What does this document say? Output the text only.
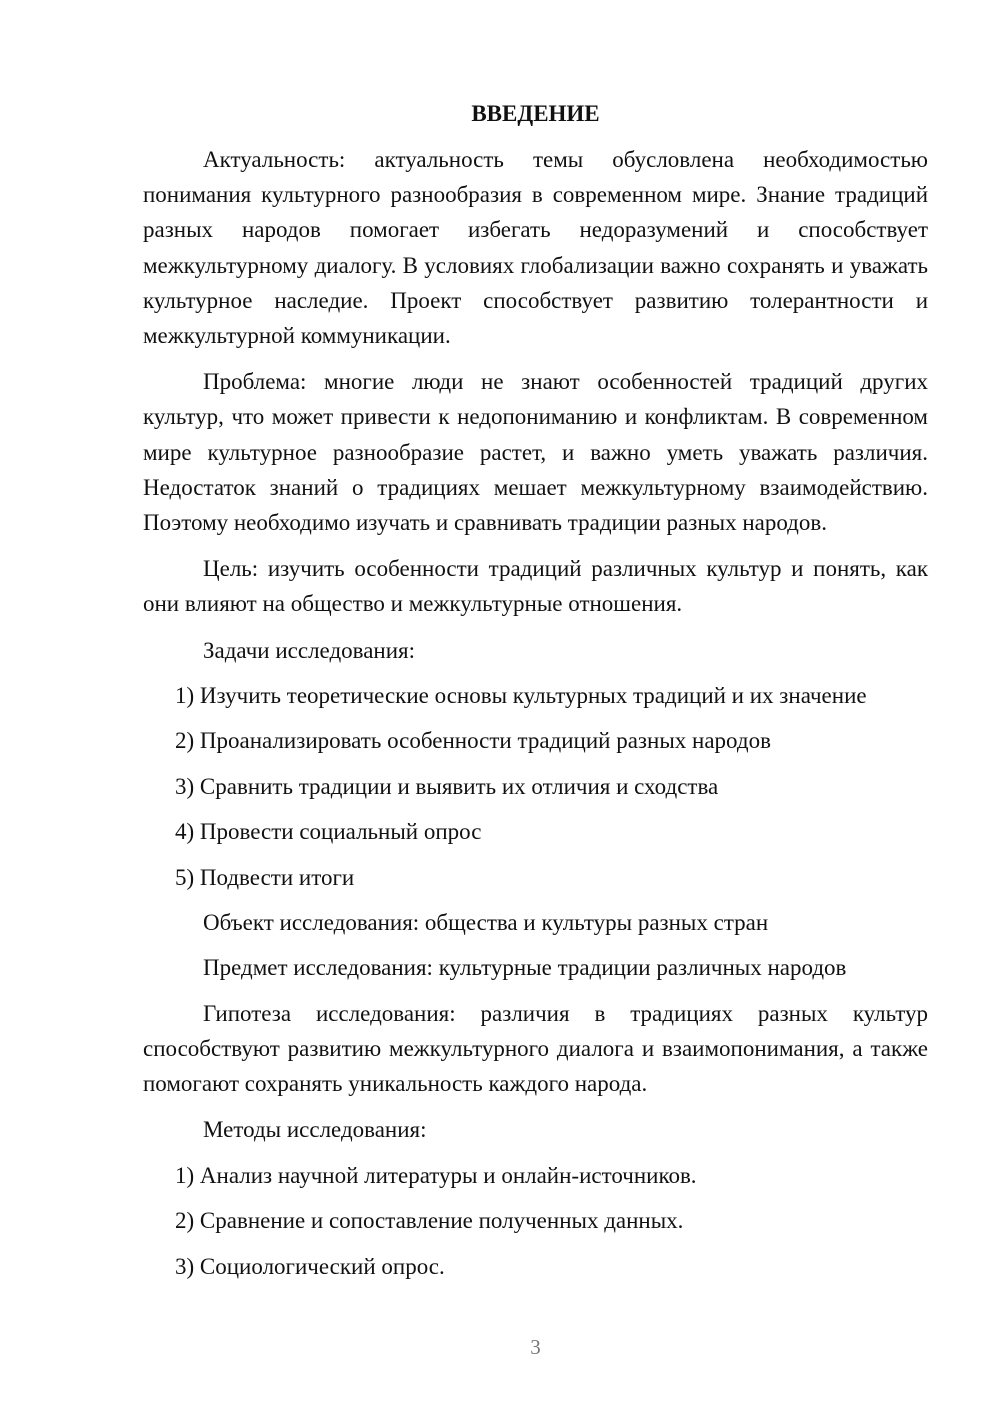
ВВЕДЕНИЕ

Актуальность: актуальность темы обусловлена необходимостью понимания культурного разнообразия в современном мире. Знание традиций разных народов помогает избегать недоразумений и способствует межкультурному диалогу. В условиях глобализации важно сохранять и уважать культурное наследие. Проект способствует развитию толерантности и межкультурной коммуникации.

Проблема: многие люди не знают особенностей традиций других культур, что может привести к недопониманию и конфликтам. В современном мире культурное разнообразие растет, и важно уметь уважать различия. Недостаток знаний о традициях мешает межкультурному взаимодействию. Поэтому необходимо изучать и сравнивать традиции разных народов.

Цель: изучить особенности традиций различных культур и понять, как они влияют на общество и межкультурные отношения.

Задачи исследования:
1) Изучить теоретические основы культурных традиций и их значение
2) Проанализировать особенности традиций разных народов
3) Сравнить традиции и выявить их отличия и сходства
4) Провести социальный опрос
5) Подвести итоги
Объект исследования: общества и культуры разных стран
Предмет исследования: культурные традиции различных народов

Гипотеза исследования: различия в традициях разных культур способствуют развитию межкультурного диалога и взаимопонимания, а также помогают сохранять уникальность каждого народа.

Методы исследования:
1) Анализ научной литературы и онлайн-источников.
2) Сравнение и сопоставление полученных данных.
3) Социологический опрос.
3
